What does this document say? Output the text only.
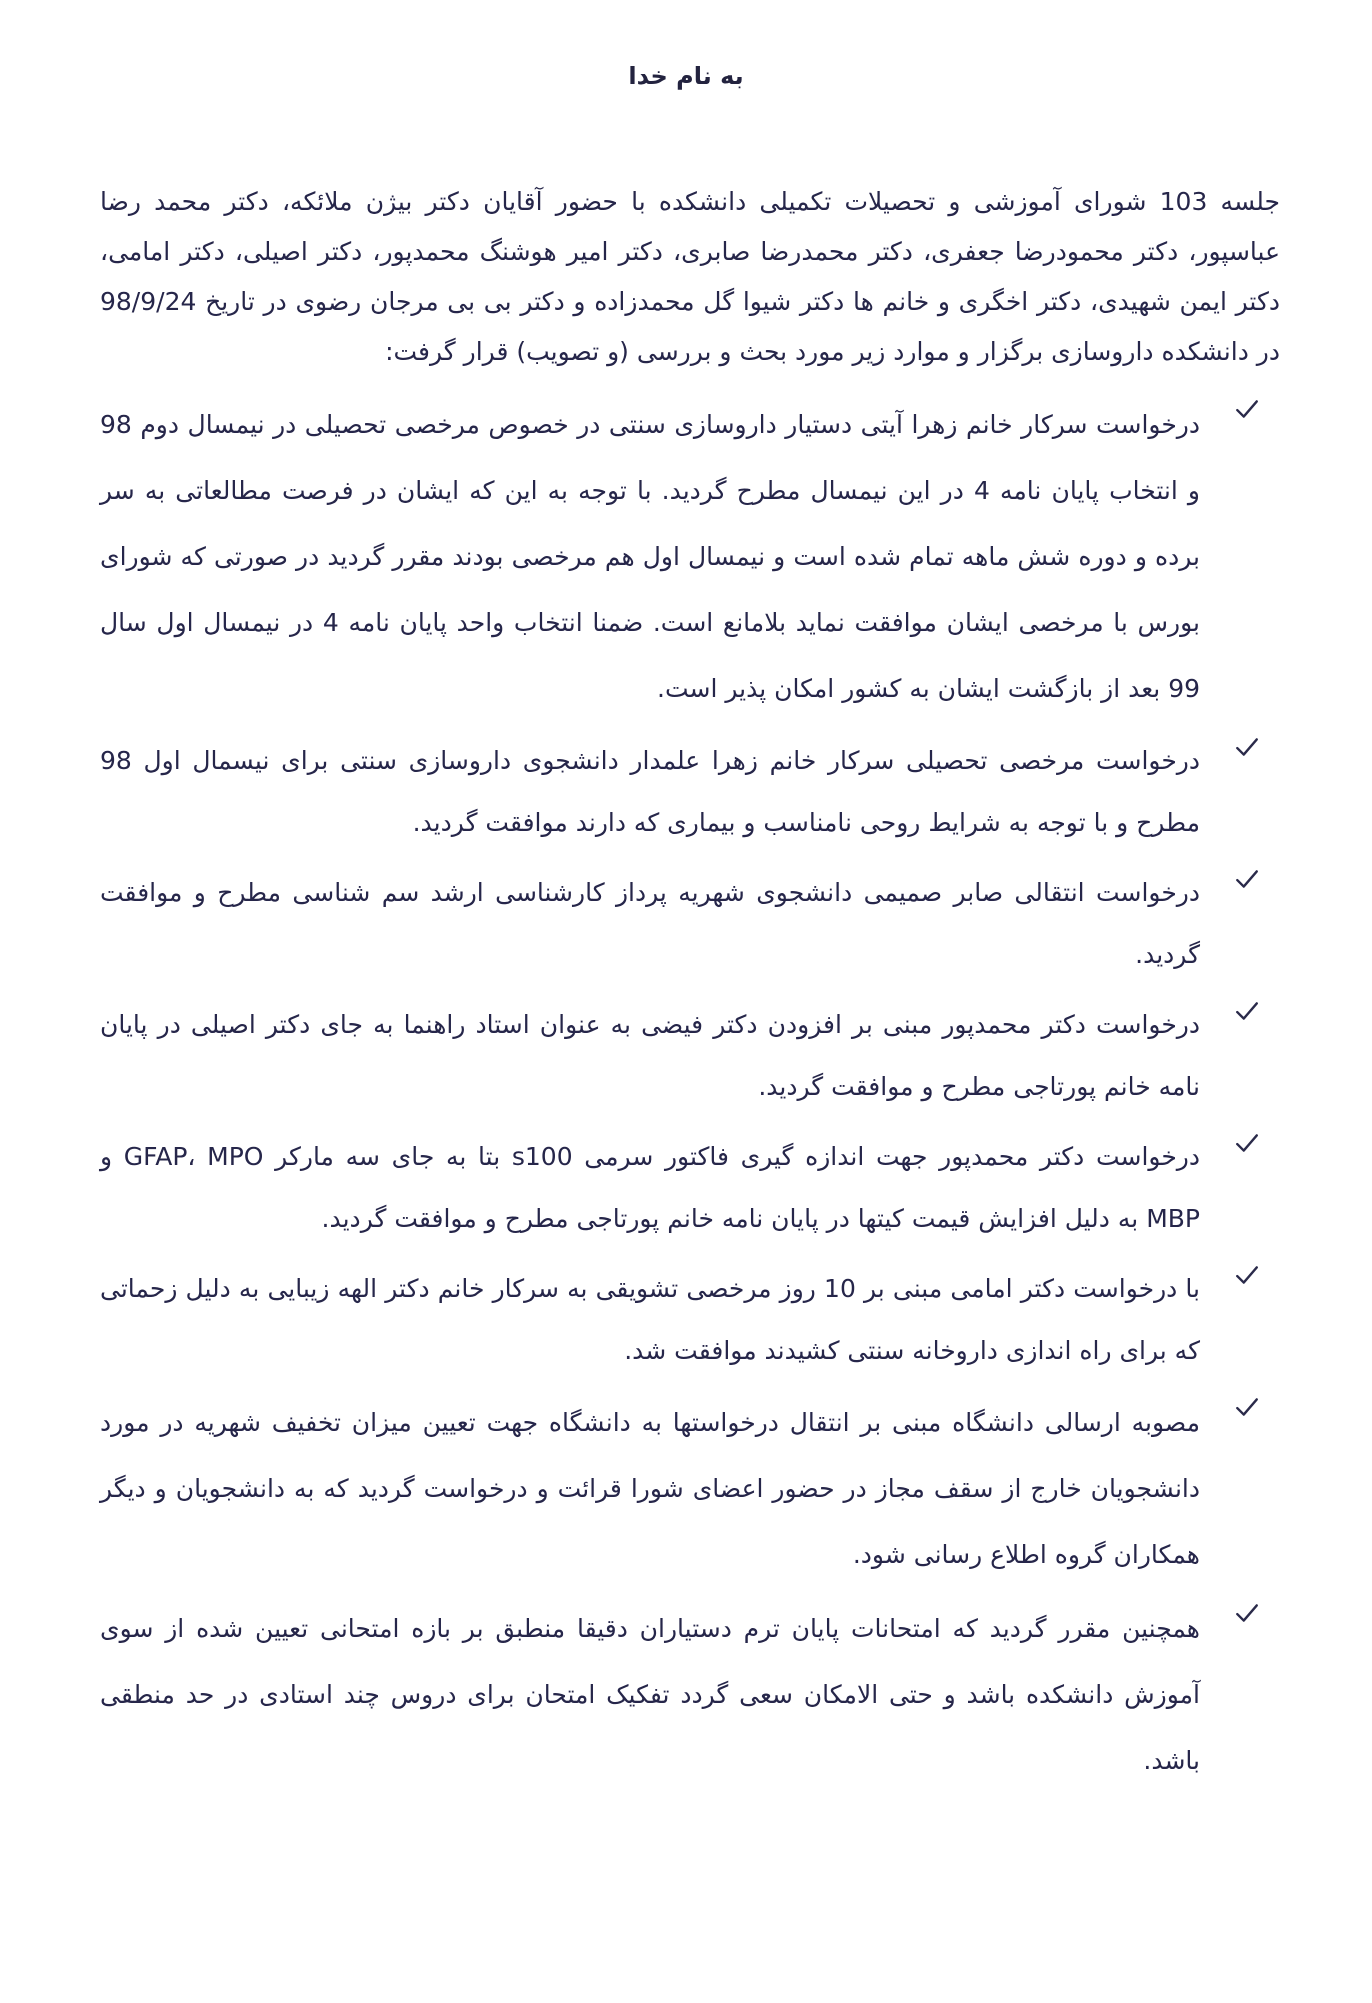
به نام خدا

جلسه 103 شورای آموزشی و تحصیلات تکمیلی دانشکده با حضور آقایان دکتر بیژن ملائکه، دکتر محمد رضا عباسپور، دکتر محمودرضا جعفری، دکتر محمدرضا صابری، دکتر امیر هوشنگ محمدپور، دکتر اصیلی، دکتر امامی، دکتر ایمن شهیدی، دکتر اخگری و خانم ها دکتر شیوا گل محمدزاده و دکتر بی بی مرجان رضوی در تاریخ 98/9/24 در دانشکده داروسازی برگزار و موارد زیر مورد بحث و بررسی (و تصویب) قرار گرفت:

درخواست سرکار خانم زهرا آیتی دستیار داروسازی سنتی در خصوص مرخصی تحصیلی در نیمسال دوم 98 و انتخاب پایان نامه 4 در این نیمسال مطرح گردید. با توجه به این که ایشان در فرصت مطالعاتی به سر برده و دوره شش ماهه تمام شده است و نیمسال اول هم مرخصی بودند مقرر گردید در صورتی که شورای بورس با مرخصی ایشان موافقت نماید بلامانع است. ضمنا انتخاب واحد پایان نامه 4 در نیمسال اول سال 99 بعد از بازگشت ایشان به کشور امکان پذیر است.

درخواست مرخصی تحصیلی سرکار خانم زهرا علمدار دانشجوی داروسازی سنتی برای نیسمال اول 98 مطرح و با توجه به شرایط روحی نامناسب و بیماری که دارند موافقت گردید.

درخواست انتقالی صابر صمیمی دانشجوی شهریه پرداز کارشناسی ارشد سم شناسی مطرح و موافقت گردید.

درخواست دکتر محمدپور مبنی بر افزودن دکتر فیضی به عنوان استاد راهنما به جای دکتر اصیلی در پایان نامه خانم پورتاجی مطرح و موافقت گردید.

درخواست دکتر محمدپور جهت اندازه گیری فاکتور سرمی s100 بتا به جای سه مارکر GFAP، MPO و MBP به دلیل افزایش قیمت کیتها در پایان نامه خانم پورتاجی مطرح و موافقت گردید.

با درخواست دکتر امامی مبنی بر 10 روز مرخصی تشویقی به سرکار خانم دکتر الهه زیبایی به دلیل زحماتی که برای راه اندازی داروخانه سنتی کشیدند موافقت شد.

مصوبه ارسالی دانشگاه مبنی بر انتقال درخواستها به دانشگاه جهت تعیین میزان تخفیف شهریه در مورد دانشجویان خارج از سقف مجاز در حضور اعضای شورا قرائت و درخواست گردید که به دانشجویان و دیگر همکاران گروه اطلاع رسانی شود.

همچنین مقرر گردید که امتحانات پایان ترم دستیاران دقیقا منطبق بر بازه امتحانی تعیین شده از سوی آموزش دانشکده باشد و حتی الامکان سعی گردد تفکیک امتحان برای دروس چند استادی در حد منطقی باشد.
